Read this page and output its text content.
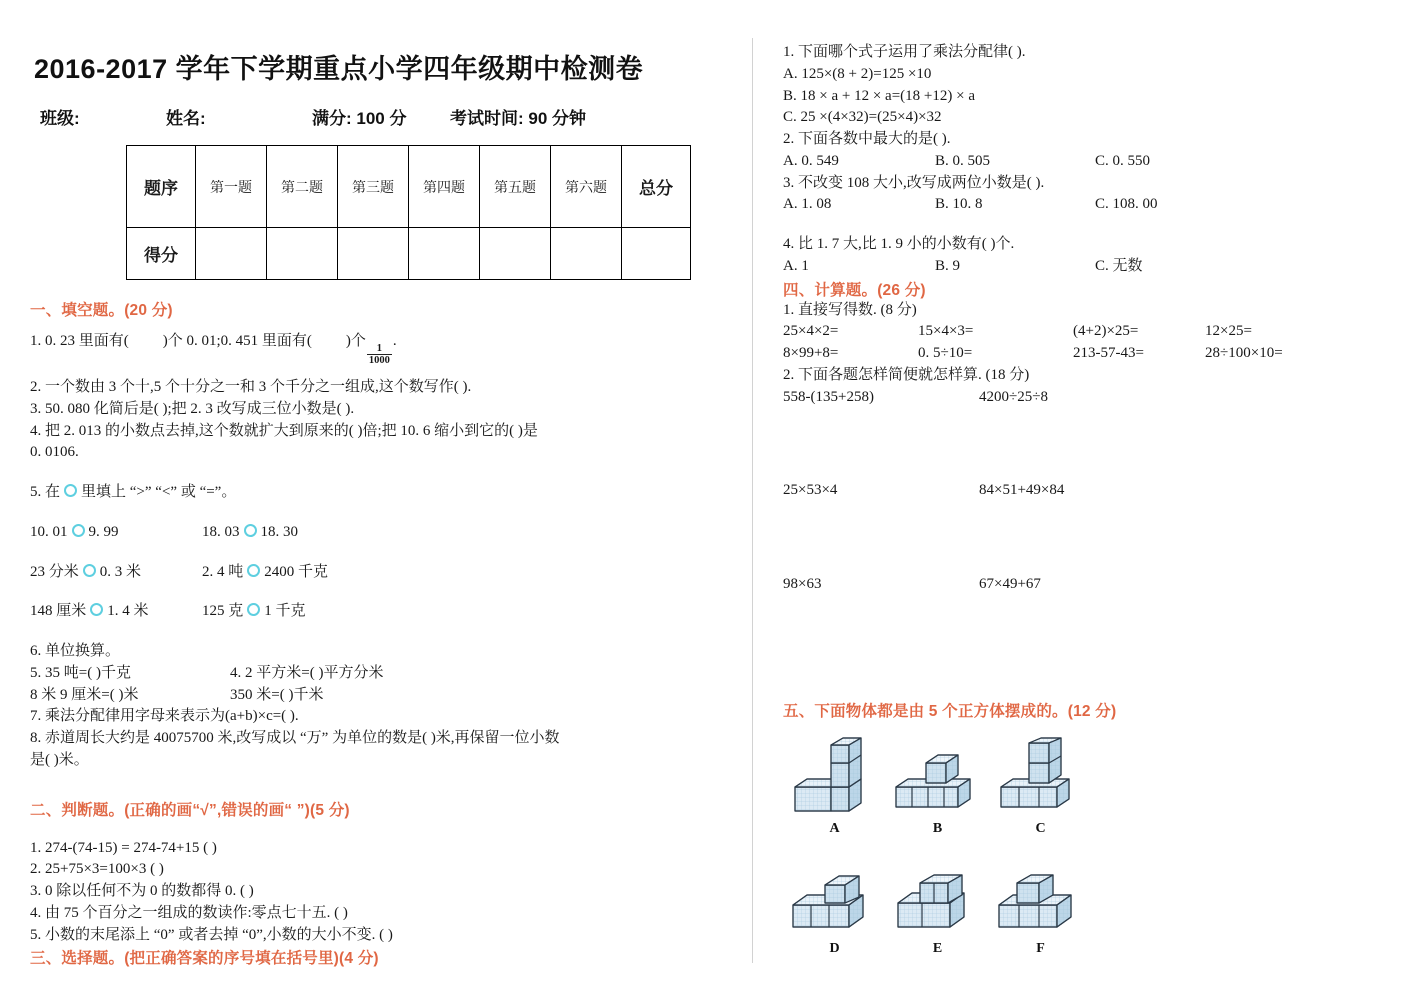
2016-2017 学年下学期重点小学四年级期中检测卷
班级:	姓名:	满分: 100 分	考试时间: 90 分钟
题序	第一题	第二题	第三题	第四题	第五题	第六题	总分
得分							
一、填空题。(20 分)
1. 0. 23 里面有( )个 0. 01;0. 451 里面有( )个
$\frac{1}{1000}$
.
2. 一个数由 3 个十,5 个十分之一和 3 个千分之一组成,这个数写作( ).
3. 50. 080 化简后是( );把 2. 3 改写成三位小数是( ).
4. 把 2. 013 的小数点去掉,这个数就扩大到原来的( )倍;把 10. 6 缩小到它的( )是
0. 0106.
5. 在 里填上 “>” “<” 或 “=”。
10. 01 9. 99	18. 03 18. 30
23 分米 0. 3 米	2. 4 吨 2400 千克
148 厘米 1. 4 米	125 克 1 千克
6. 单位换算。
5. 35 吨=( )千克	4. 2 平方米=( )平方分米
8 米 9 厘米=( )米	350 米=( )千米
7. 乘法分配律用字母来表示为(a+b)×c=( ).
8. 赤道周长大约是 40075700 米,改写成以 “万” 为单位的数是( )米,再保留一位小数
是( )米。
二、判断题。(正确的画“√”,错误的画“ ”)(5 分)
1. 274-(74-15) = 274-74+15 ( )
2. 25+75×3=100×3 ( )
3. 0 除以任何不为 0 的数都得 0. ( )
4. 由 75 个百分之一组成的数读作:零点七十五. ( )
5. 小数的末尾添上 “0” 或者去掉 “0”,小数的大小不变. ( )
三、选择题。(把正确答案的序号填在括号里)(4 分)
1. 下面哪个式子运用了乘法分配律( ).
A. 125×(8 + 2)=125 ×10
B. 18 × a + 12 × a=(18 +12) × a
C. 25 ×(4×32)=(25×4)×32
2. 下面各数中最大的是( ).
A. 0. 549	B. 0. 505	C. 0. 550
3. 不改变 108 大小,改写成两位小数是( ).
A. 1. 08	B. 10. 8	C. 108. 00
4. 比 1. 7 大,比 1. 9 小的小数有( )个.
A. 1	B. 9	C. 无数
四、计算题。(26 分)
1. 直接写得数. (8 分)
25×4×2=	15×4×3=	(4+2)×25=	12×25=
8×99+8=	0. 5÷10=	213-57-43=	28÷100×10=
2. 下面各题怎样简便就怎样算. (18 分)
558-(135+258)	4200÷25÷8
25×53×4	84×51+49×84
98×63	67×49+67
五、下面物体都是由 5 个正方体摆成的。(12 分)
A	B	C
D	E	F
